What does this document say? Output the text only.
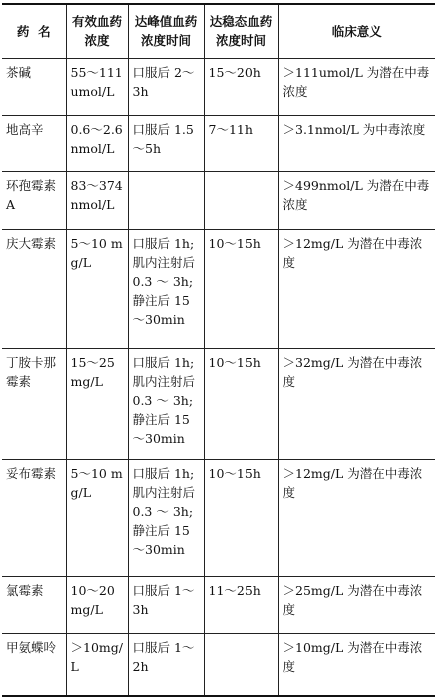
药  名	有效血药浓度	达峰值血药浓度时间	达稳态血药浓度时间	临床意义
茶碱	55～111 umol/L	口服后 2～3h	15～20h	＞111umol/L 为潜在中毒浓度
地高辛	0.6～2.6 nmol/L	口服后 1.5～5h	7～11h	＞3.1nmol/L 为中毒浓度
环孢霉素A	83～374 nmol/L			＞499nmol/L 为潜在中毒浓度
庆大霉素	5～10 mg/L	口服后 1h; 肌内注射后 0.3 ～ 3h; 静注后 15～30min	10～15h	＞12mg/L 为潜在中毒浓度
丁胺卡那霉素	15～25 mg/L	口服后 1h; 肌内注射后 0.3 ～ 3h; 静注后 15～30min	10～15h	＞32mg/L 为潜在中毒浓度
妥布霉素	5～10 mg/L	口服后 1h; 肌内注射后 0.3 ～ 3h; 静注后 15～30min	10～15h	＞12mg/L 为潜在中毒浓度
氯霉素	10～20 mg/L	口服后 1～3h	11～25h	＞25mg/L 为潜在中毒浓度
甲氨蝶呤	＞10mg/L	口服后 1～2h		＞10mg/L 为潜在中毒浓度
